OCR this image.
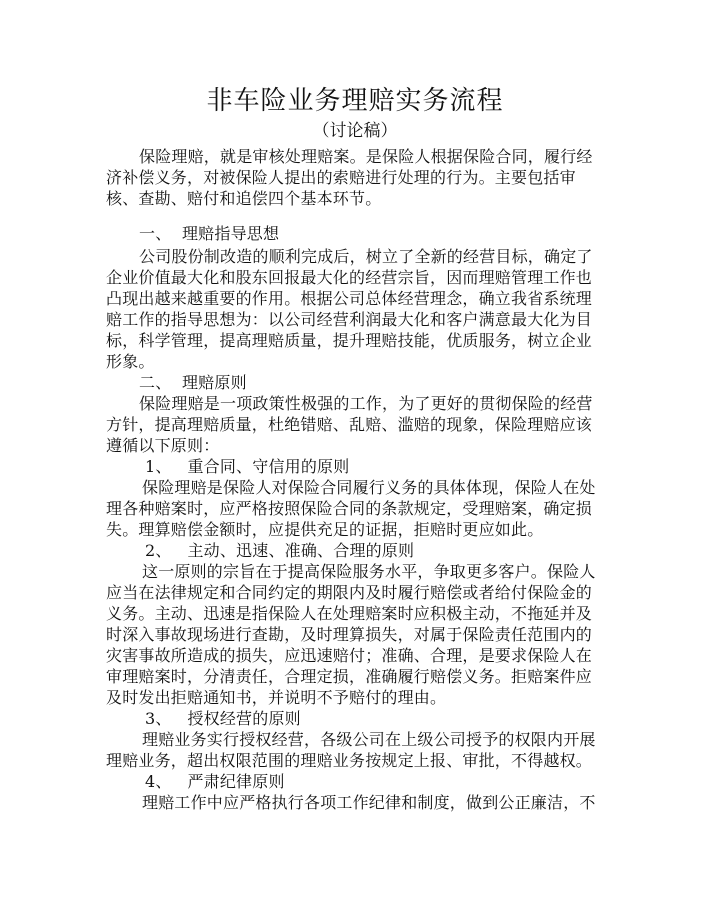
非车险业务理赔实务流程
（讨论稿）
保险理赔，就是审核处理赔案。是保险人根据保险合同，履行经
济补偿义务，对被保险人提出的索赔进行处理的行为。主要包括审
核、查勘、赔付和追偿四个基本环节。
一、  理赔指导思想
公司股份制改造的顺利完成后，树立了全新的经营目标，确定了
企业价值最大化和股东回报最大化的经营宗旨，因而理赔管理工作也
凸现出越来越重要的作用。根据公司总体经营理念，确立我省系统理
赔工作的指导思想为：以公司经营利润最大化和客户满意最大化为目
标，科学管理，提高理赔质量，提升理赔技能，优质服务，树立企业
形象。
二、  理赔原则
保险理赔是一项政策性极强的工作，为了更好的贯彻保险的经营
方针，提高理赔质量，杜绝错赔、乱赔、滥赔的现象，保险理赔应该
遵循以下原则：
1、   重合同、守信用的原则
保险理赔是保险人对保险合同履行义务的具体体现，保险人在处
理各种赔案时，应严格按照保险合同的条款规定，受理赔案，确定损
失。理算赔偿金额时，应提供充足的证据，拒赔时更应如此。
2、   主动、迅速、准确、合理的原则
这一原则的宗旨在于提高保险服务水平，争取更多客户。保险人
应当在法律规定和合同约定的期限内及时履行赔偿或者给付保险金的
义务。主动、迅速是指保险人在处理赔案时应积极主动，不拖延并及
时深入事故现场进行查勘，及时理算损失，对属于保险责任范围内的
灾害事故所造成的损失，应迅速赔付；准确、合理，是要求保险人在
审理赔案时，分清责任，合理定损，准确履行赔偿义务。拒赔案件应
及时发出拒赔通知书，并说明不予赔付的理由。
3、   授权经营的原则
理赔业务实行授权经营，各级公司在上级公司授予的权限内开展
理赔业务，超出权限范围的理赔业务按规定上报、审批，不得越权。
4、   严肃纪律原则
理赔工作中应严格执行各项工作纪律和制度，做到公正廉洁，不
